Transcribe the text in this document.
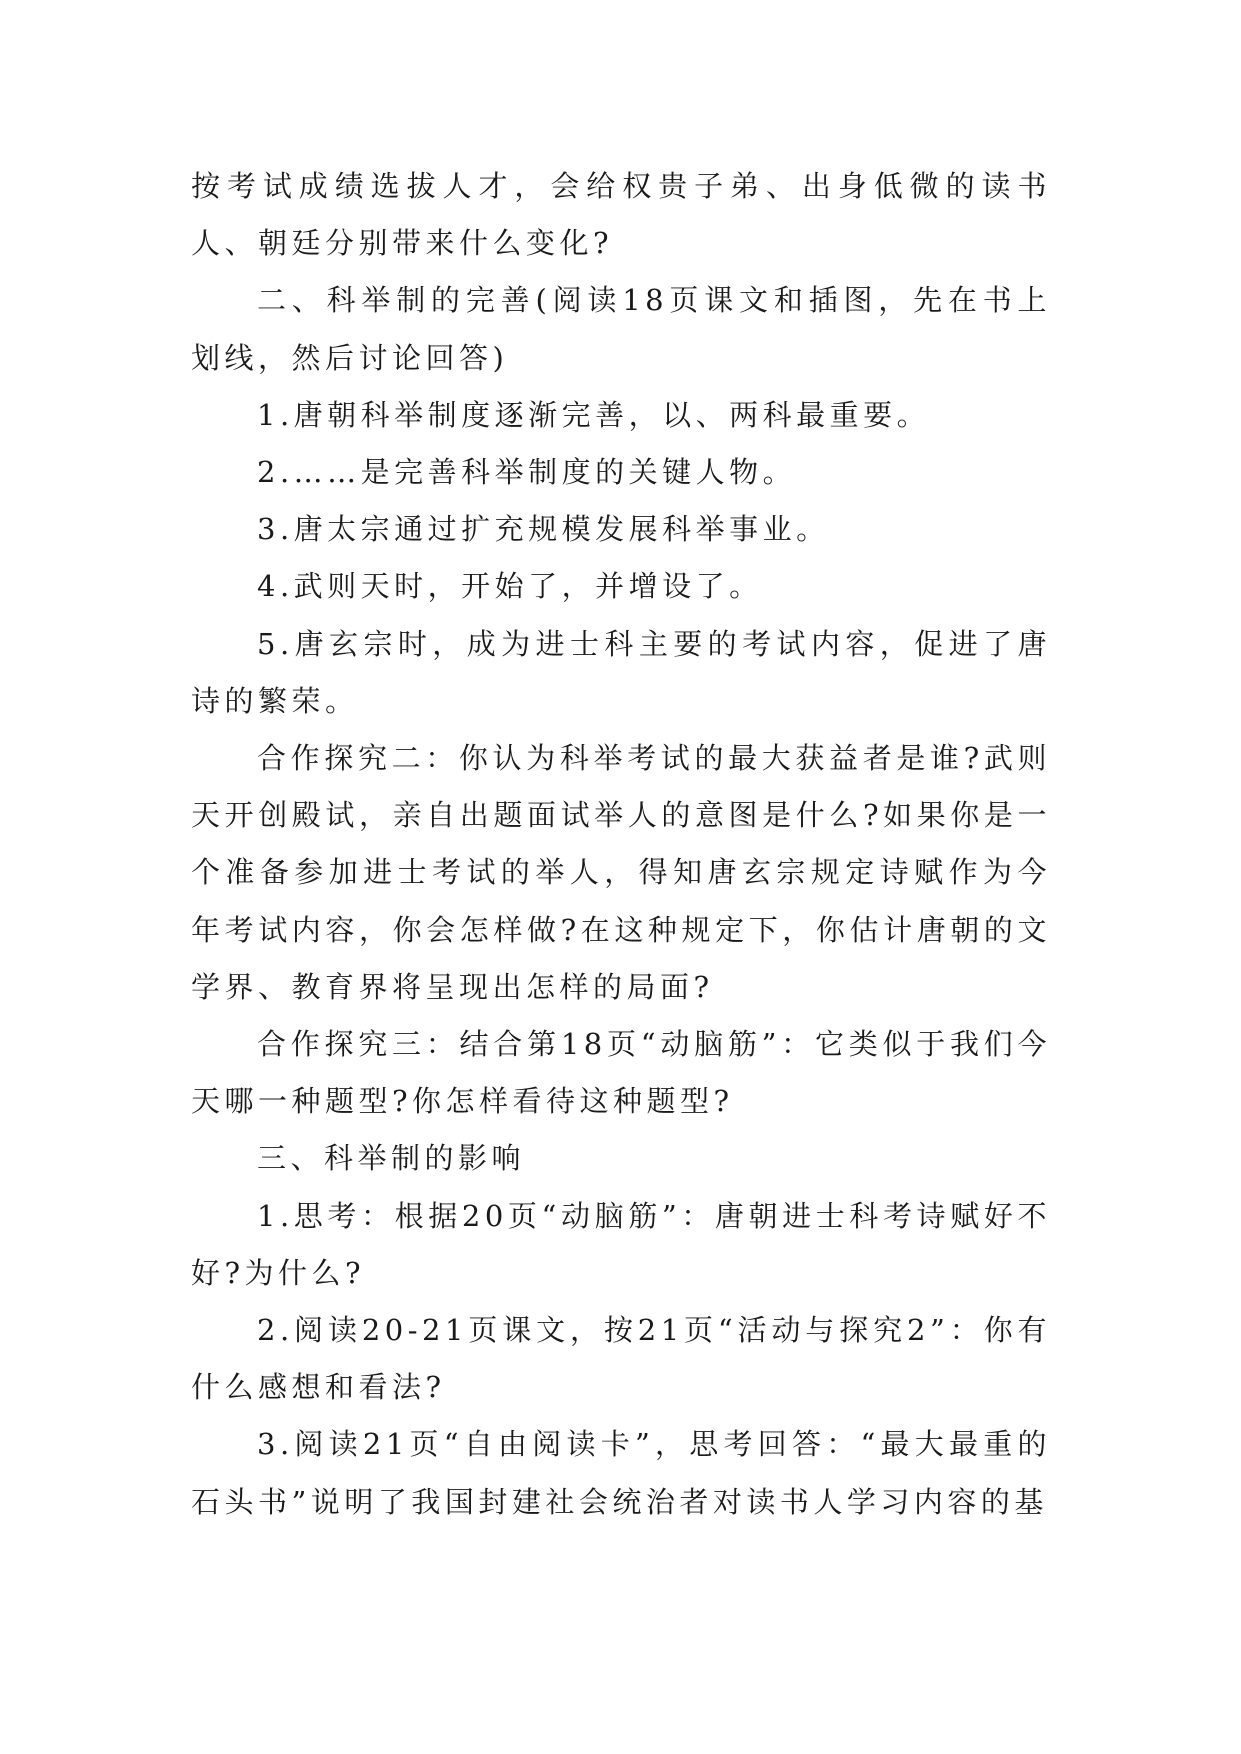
按考试成绩选拔人才，会给权贵子弟、出身低微的读书人、朝廷分别带来什么变化?

二、科举制的完善(阅读18页课文和插图，先在书上划线，然后讨论回答)

1.唐朝科举制度逐渐完善，以、两科最重要。

2.……是完善科举制度的关键人物。

3.唐太宗通过扩充规模发展科举事业。

4.武则天时，开始了，并增设了。

5.唐玄宗时，成为进士科主要的考试内容，促进了唐诗的繁荣。

合作探究二：你认为科举考试的最大获益者是谁?武则天开创殿试，亲自出题面试举人的意图是什么?如果你是一个准备参加进士考试的举人，得知唐玄宗规定诗赋作为今年考试内容，你会怎样做?在这种规定下，你估计唐朝的文学界、教育界将呈现出怎样的局面?

合作探究三：结合第18页“动脑筋”：它类似于我们今天哪一种题型?你怎样看待这种题型?

三、科举制的影响

1.思考：根据20页“动脑筋”：唐朝进士科考诗赋好不好?为什么?

2.阅读20-21页课文，按21页“活动与探究2”：你有什么感想和看法?

3.阅读21页“自由阅读卡”，思考回答：“最大最重的石头书”说明了我国封建社会统治者对读书人学习内容的基
